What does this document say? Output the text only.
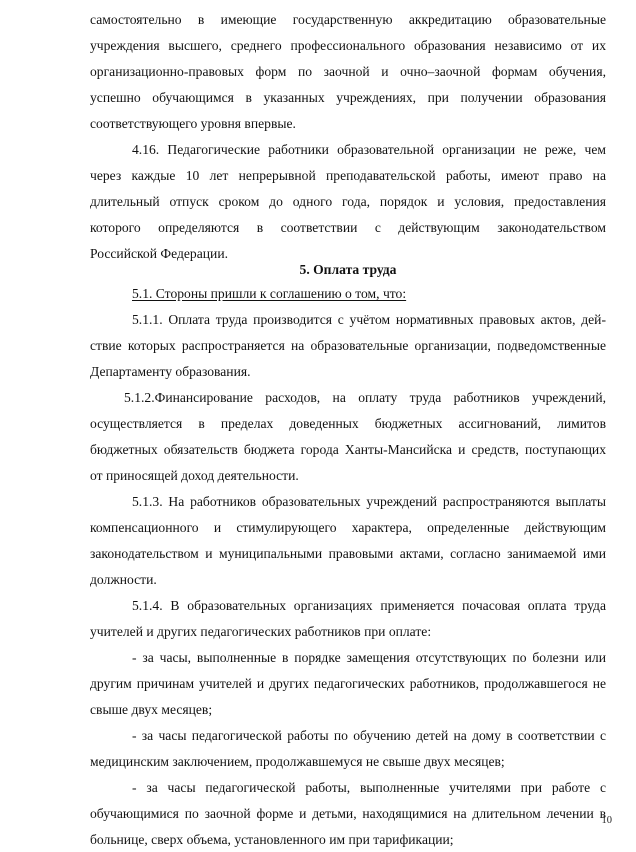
самостоятельно в имеющие государственную аккредитацию образовательные
учреждения высшего, среднего профессионального образования независимо от их
организационно-правовых форм по заочной и очно–заочной формам обучения,
успешно обучающимся в указанных учреждениях, при получении образования
соответствующего уровня впервые.
4.16. Педагогические работники образовательной организации не реже, чем
через каждые 10 лет непрерывной преподавательской работы, имеют право на
длительный отпуск сроком до одного года, порядок и условия, предоставления
которого определяются в соответствии с действующим законодательством
Российской Федерации.
5. Оплата труда
5.1. Стороны пришли к соглашению о том, что:
5.1.1. Оплата труда производится с учётом нормативных правовых актов, дей-
ствие которых распространяется на образовательные организации, подведомственные
Департаменту образования.
5.1.2.Финансирование расходов, на оплату труда работников учреждений,
осуществляется в пределах доведенных бюджетных ассигнований, лимитов
бюджетных обязательств бюджета города Ханты-Мансийска и средств, поступающих
от приносящей доход деятельности.
5.1.3. На работников образовательных учреждений распространяются выплаты
компенсационного и стимулирующего характера, определенные действующим
законодательством и муниципальными правовыми актами, согласно занимаемой ими
должности.
5.1.4. В образовательных организациях применяется почасовая оплата труда
учителей и других педагогических работников при оплате:
- за часы, выполненные в порядке замещения отсутствующих по болезни или
другим причинам учителей и других педагогических работников, продолжавшегося не
свыше двух месяцев;
- за часы педагогической работы по обучению детей на дому в соответствии с
медицинским заключением, продолжавшемуся не свыше двух месяцев;
- за часы педагогической работы, выполненные учителями при работе с
обучающимися по заочной форме и детьми, находящимися на длительном лечении в
больнице, сверх объема, установленного им при тарификации;
10
